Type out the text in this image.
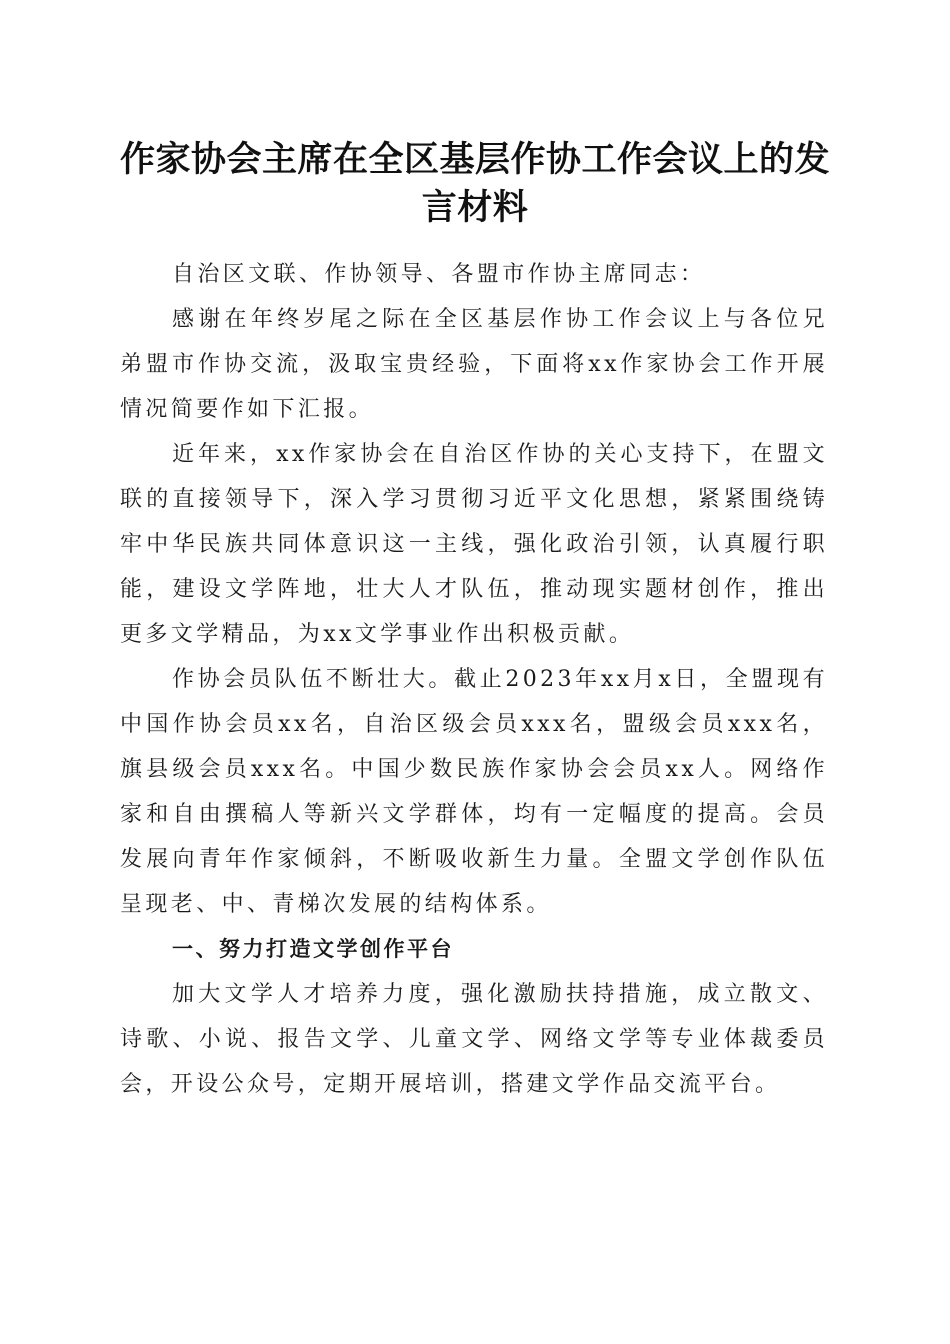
作家协会主席在全区基层作协工作会议上的发言材料

自治区文联、作协领导、各盟市作协主席同志：

感谢在年终岁尾之际在全区基层作协工作会议上与各位兄弟盟市作协交流，汲取宝贵经验，下面将xx作家协会工作开展情况简要作如下汇报。

近年来，xx作家协会在自治区作协的关心支持下，在盟文联的直接领导下，深入学习贯彻习近平文化思想，紧紧围绕铸牢中华民族共同体意识这一主线，强化政治引领，认真履行职能，建设文学阵地，壮大人才队伍，推动现实题材创作，推出更多文学精品，为xx文学事业作出积极贡献。

作协会员队伍不断壮大。截止2023年xx月x日，全盟现有中国作协会员xx名，自治区级会员xxx名，盟级会员xxx名，旗县级会员xxx名。中国少数民族作家协会会员xx人。网络作家和自由撰稿人等新兴文学群体，均有一定幅度的提高。会员发展向青年作家倾斜，不断吸收新生力量。全盟文学创作队伍呈现老、中、青梯次发展的结构体系。

一、努力打造文学创作平台

加大文学人才培养力度，强化激励扶持措施，成立散文、诗歌、小说、报告文学、儿童文学、网络文学等专业体裁委员会，开设公众号，定期开展培训，搭建文学作品交流平台。
